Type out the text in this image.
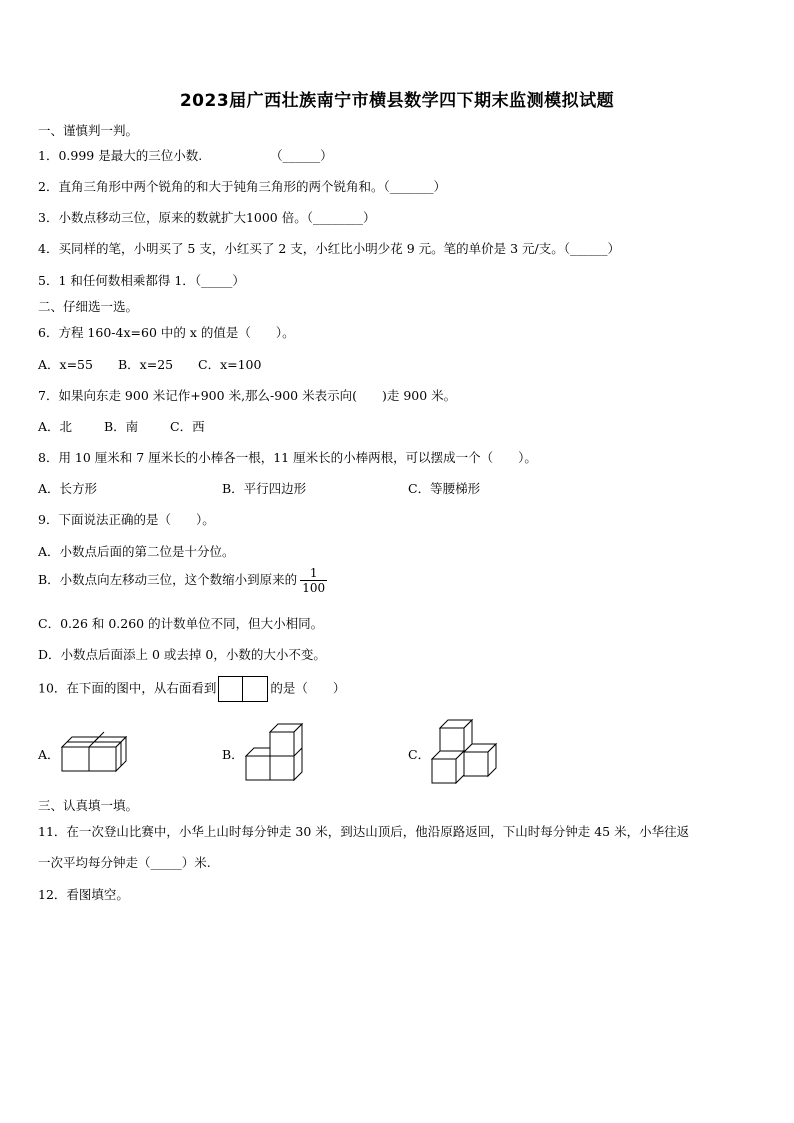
2023届广西壮族南宁市横县数学四下期末监测模拟试题
一、谨慎判一判。
1．0.999 是最大的三位小数.	（______）
2．直角三角形中两个锐角的和大于钝角三角形的两个锐角和。（_______）
3．小数点移动三位，原来的数就扩大1000 倍。（________）
4．买同样的笔，小明买了 5 支，小红买了 2 支，小红比小明少花 9 元。笔的单价是 3 元/支。（______）
5．1 和任何数相乘都得 1．（_____）
二、仔细选一选。
6．方程 160-4x=60 中的 x 的值是（　　）。
A．x=55 B．x=25 C．x=100
7．如果向东走 900 米记作+900 米,那么-900 米表示向(　　)走 900 米。
A．北	B．南	C．西
8．用 10 厘米和 7 厘米长的小棒各一根，11 厘米长的小棒两根，可以摆成一个（　　）。
A．长方形	B．平行四边形	C．等腰梯形
9．下面说法正确的是（　　）。
A．小数点后面的第二位是十分位。
B．小数点向左移动三位，这个数缩小到原来的 $\frac{1}{100}$
C．0.26 和 0.260 的计数单位不同，但大小相同。
D．小数点后面添上 0 或去掉 0，小数的大小不变。
10．在下面的图中，从右面看到	的是（　　）
A．	B．	C．
三、认真填一填。
11．在一次登山比赛中，小华上山时每分钟走 30 米，到达山顶后，他沿原路返回，下山时每分钟走 45 米，小华往返
一次平均每分钟走（_____）米.
12．看图填空。
